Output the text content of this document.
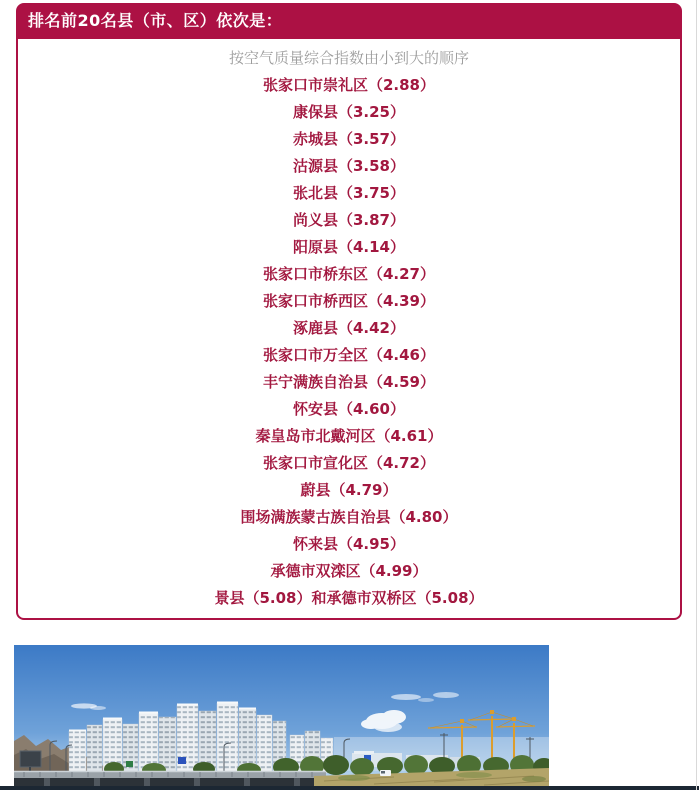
排名前20名县（市、区）依次是：
按空气质量综合指数由小到大的顺序
张家口市崇礼区（2.88）
康保县（3.25）
赤城县（3.57）
沽源县（3.58）
张北县（3.75）
尚义县（3.87）
阳原县（4.14）
张家口市桥东区（4.27）
张家口市桥西区（4.39）
涿鹿县（4.42）
张家口市万全区（4.46）
丰宁满族自治县（4.59）
怀安县（4.60）
秦皇岛市北戴河区（4.61）
张家口市宣化区（4.72）
蔚县（4.79）
围场满族蒙古族自治县（4.80）
怀来县（4.95）
承德市双滦区（4.99）
景县（5.08）和承德市双桥区（5.08）
